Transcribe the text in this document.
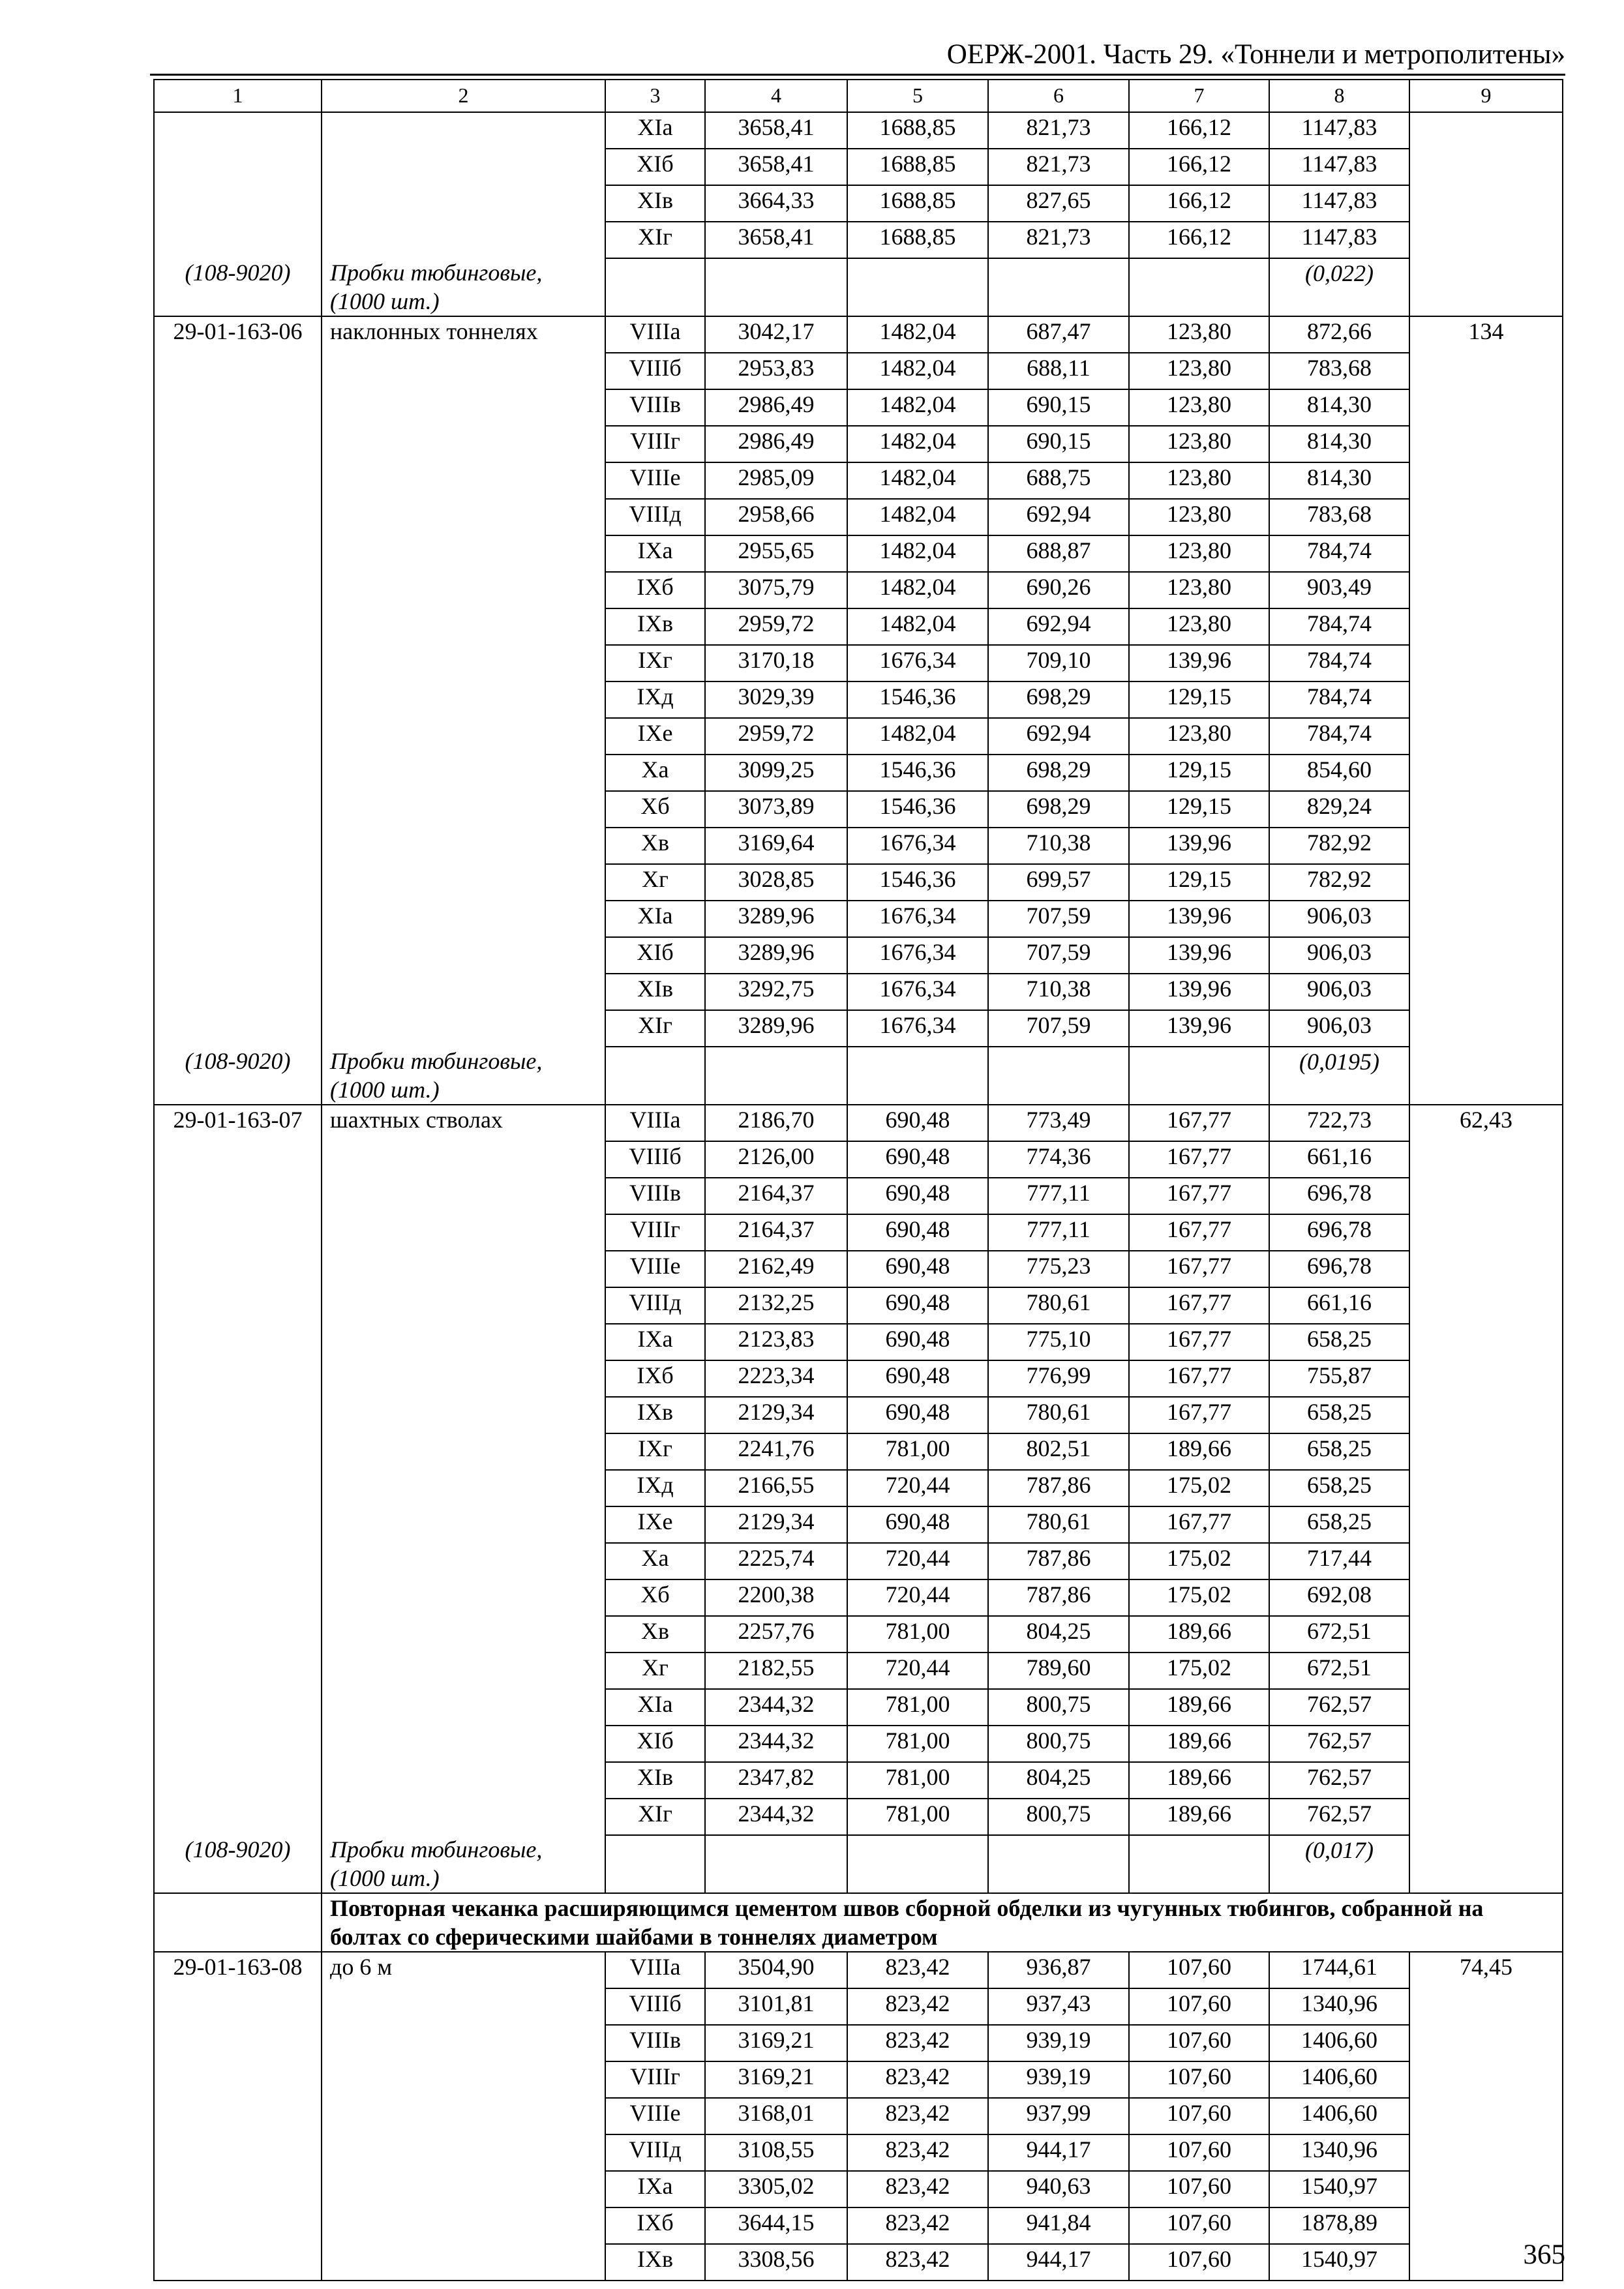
ОЕРЖ-2001. Часть 29. «Тоннели и метрополитены»
1	2	3	4	5	6	7	8	9
		XIа	3658,41	1688,85	821,73	166,12	1147,83	
		XIб	3658,41	1688,85	821,73	166,12	1147,83	
		XIв	3664,33	1688,85	827,65	166,12	1147,83	
		XIг	3658,41	1688,85	821,73	166,12	1147,83	
(108-9020)	Пробки тюбинговые, (1000 шт.)						(0,022)	
29-01-163-06	наклонных тоннелях	VIIIа	3042,17	1482,04	687,47	123,80	872,66	134
		VIIIб	2953,83	1482,04	688,11	123,80	783,68	
		VIIIв	2986,49	1482,04	690,15	123,80	814,30	
		VIIIг	2986,49	1482,04	690,15	123,80	814,30	
		VIIIе	2985,09	1482,04	688,75	123,80	814,30	
		VIIIд	2958,66	1482,04	692,94	123,80	783,68	
		IXа	2955,65	1482,04	688,87	123,80	784,74	
		IXб	3075,79	1482,04	690,26	123,80	903,49	
		IXв	2959,72	1482,04	692,94	123,80	784,74	
		IXг	3170,18	1676,34	709,10	139,96	784,74	
		IXд	3029,39	1546,36	698,29	129,15	784,74	
		IXе	2959,72	1482,04	692,94	123,80	784,74	
		Xа	3099,25	1546,36	698,29	129,15	854,60	
		Xб	3073,89	1546,36	698,29	129,15	829,24	
		Xв	3169,64	1676,34	710,38	139,96	782,92	
		Xг	3028,85	1546,36	699,57	129,15	782,92	
		XIа	3289,96	1676,34	707,59	139,96	906,03	
		XIб	3289,96	1676,34	707,59	139,96	906,03	
		XIв	3292,75	1676,34	710,38	139,96	906,03	
		XIг	3289,96	1676,34	707,59	139,96	906,03	
(108-9020)	Пробки тюбинговые, (1000 шт.)						(0,0195)	
29-01-163-07	шахтных стволах	VIIIа	2186,70	690,48	773,49	167,77	722,73	62,43
		VIIIб	2126,00	690,48	774,36	167,77	661,16	
		VIIIв	2164,37	690,48	777,11	167,77	696,78	
		VIIIг	2164,37	690,48	777,11	167,77	696,78	
		VIIIе	2162,49	690,48	775,23	167,77	696,78	
		VIIIд	2132,25	690,48	780,61	167,77	661,16	
		IXа	2123,83	690,48	775,10	167,77	658,25	
		IXб	2223,34	690,48	776,99	167,77	755,87	
		IXв	2129,34	690,48	780,61	167,77	658,25	
		IXг	2241,76	781,00	802,51	189,66	658,25	
		IXд	2166,55	720,44	787,86	175,02	658,25	
		IXе	2129,34	690,48	780,61	167,77	658,25	
		Xа	2225,74	720,44	787,86	175,02	717,44	
		Xб	2200,38	720,44	787,86	175,02	692,08	
		Xв	2257,76	781,00	804,25	189,66	672,51	
		Xг	2182,55	720,44	789,60	175,02	672,51	
		XIа	2344,32	781,00	800,75	189,66	762,57	
		XIб	2344,32	781,00	800,75	189,66	762,57	
		XIв	2347,82	781,00	804,25	189,66	762,57	
		XIг	2344,32	781,00	800,75	189,66	762,57	
(108-9020)	Пробки тюбинговые, (1000 шт.)						(0,017)	
	Повторная чеканка расширяющимся цементом швов сборной обделки из чугунных тюбингов, собранной на болтах со сферическими шайбами в тоннелях диаметром							
29-01-163-08	до 6 м	VIIIа	3504,90	823,42	936,87	107,60	1744,61	74,45
		VIIIб	3101,81	823,42	937,43	107,60	1340,96	
		VIIIв	3169,21	823,42	939,19	107,60	1406,60	
		VIIIг	3169,21	823,42	939,19	107,60	1406,60	
		VIIIе	3168,01	823,42	937,99	107,60	1406,60	
		VIIIд	3108,55	823,42	944,17	107,60	1340,96	
		IXа	3305,02	823,42	940,63	107,60	1540,97	
		IXб	3644,15	823,42	941,84	107,60	1878,89	
		IXв	3308,56	823,42	944,17	107,60	1540,97		365
